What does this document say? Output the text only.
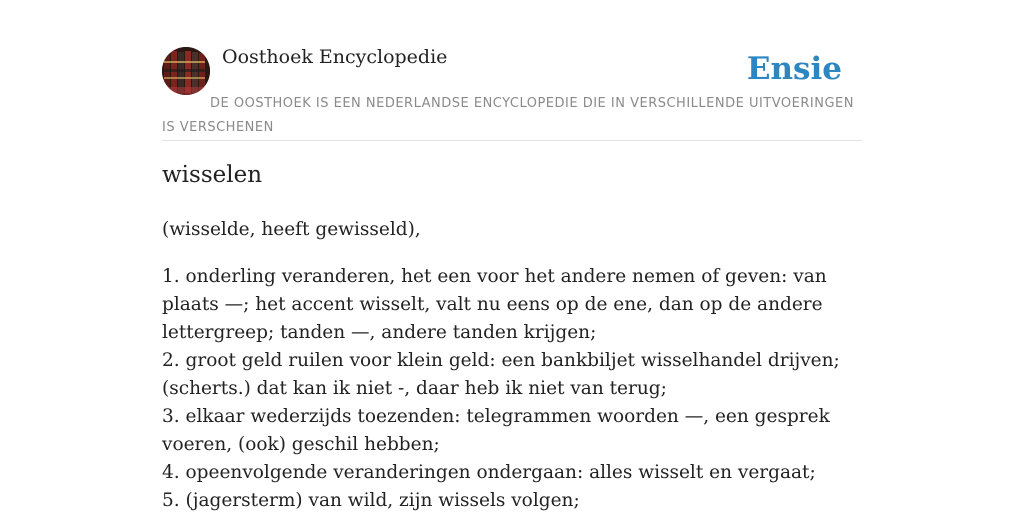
Oosthoek Encyclopedie	Ensie
DE OOSTHOEK IS EEN NEDERLANDSE ENCYCLOPEDIE DIE IN VERSCHILLENDE UITVOERINGEN IS VERSCHENEN
wisselen

(wisselde, heeft gewisseld),

1. onderling veranderen, het een voor het andere nemen of geven: van plaats —; het accent wisselt, valt nu eens op de ene, dan op de andere lettergreep; tanden —, andere tanden krijgen;

2. groot geld ruilen voor klein geld: een bankbiljet wisselhandel drijven; (scherts.) dat kan ik niet -, daar heb ik niet van terug;

3. elkaar wederzijds toezenden: telegrammen woorden —, een gesprek voeren, (ook) geschil hebben;

4. opeenvolgende veranderingen ondergaan: alles wisselt en vergaat;

5. (jagersterm) van wild, zijn wissels volgen;
